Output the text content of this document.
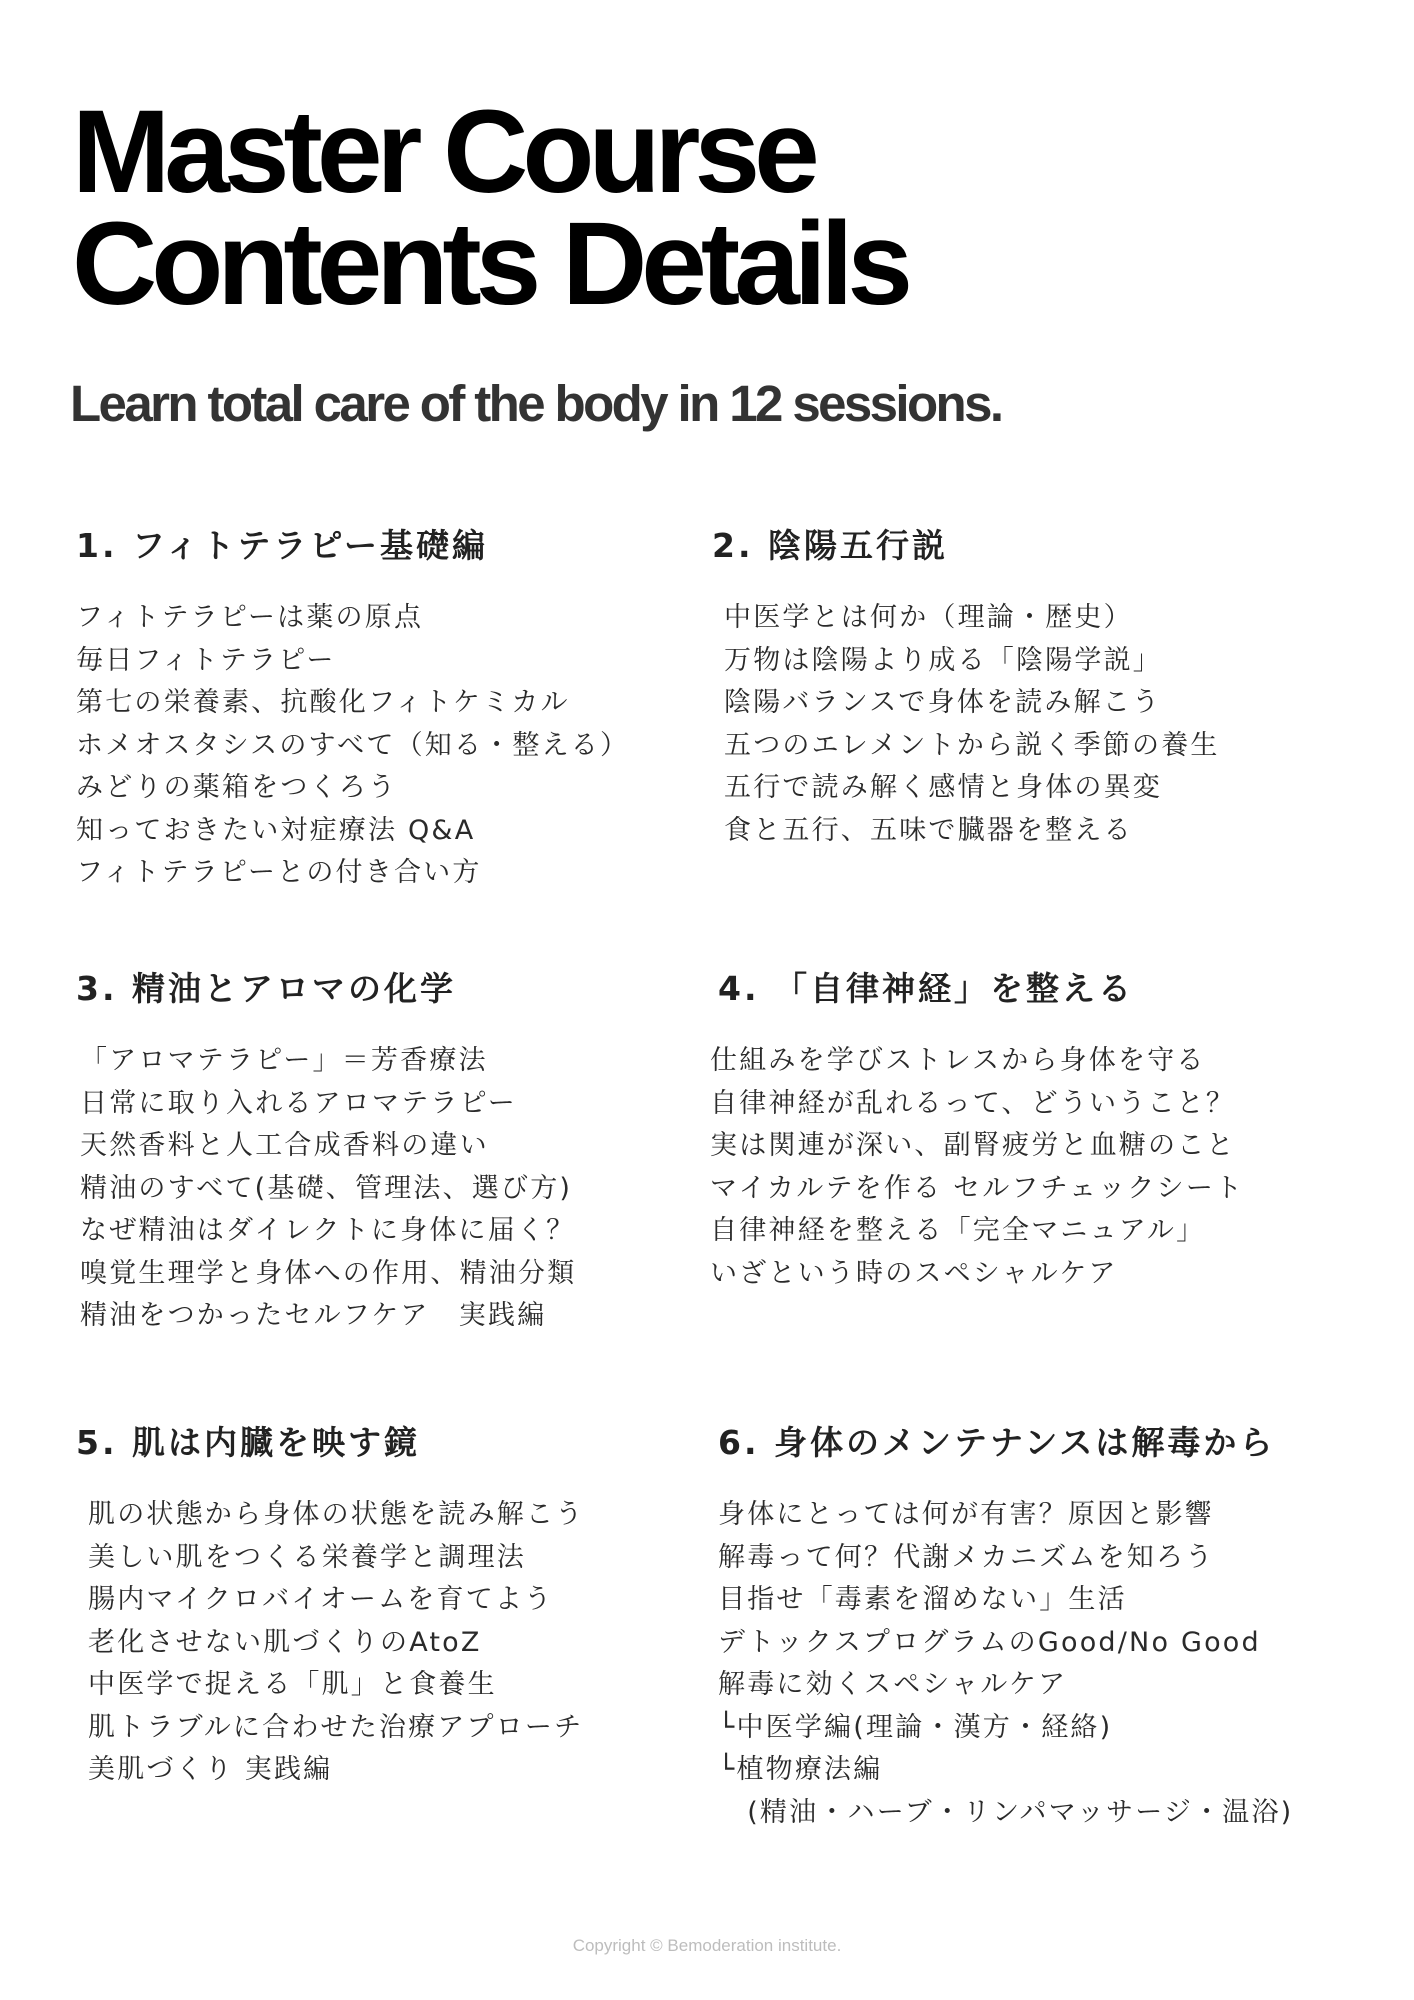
Master Course
Contents Details

Learn total care of the body in 12 sessions.

1. フィトテラピー基礎編
フィトテラピーは薬の原点
毎日フィトテラピー
第七の栄養素、抗酸化フィトケミカル
ホメオスタシスのすべて（知る・整える）
みどりの薬箱をつくろう
知っておきたい対症療法 Q&A
フィトテラピーとの付き合い方
2. 陰陽五行説
中医学とは何か（理論・歴史）
万物は陰陽より成る「陰陽学説」
陰陽バランスで身体を読み解こう
五つのエレメントから説く季節の養生
五行で読み解く感情と身体の異変
食と五行、五味で臓器を整える
3. 精油とアロマの化学
「アロマテラピー」＝芳香療法
日常に取り入れるアロマテラピー
天然香料と人工合成香料の違い
精油のすべて(基礎、管理法、選び方)
なぜ精油はダイレクトに身体に届く？
嗅覚生理学と身体への作用、精油分類
精油をつかったセルフケア　実践編
4. 「自律神経」を整える
仕組みを学びストレスから身体を守る
自律神経が乱れるって、どういうこと？
実は関連が深い、副腎疲労と血糖のこと
マイカルテを作る セルフチェックシート
自律神経を整える「完全マニュアル」
いざという時のスペシャルケア
5. 肌は内臓を映す鏡
肌の状態から身体の状態を読み解こう
美しい肌をつくる栄養学と調理法
腸内マイクロバイオームを育てよう
老化させない肌づくりのAtoZ
中医学で捉える「肌」と食養生
肌トラブルに合わせた治療アプローチ
美肌づくり 実践編
6. 身体のメンテナンスは解毒から
身体にとっては何が有害？原因と影響
解毒って何？代謝メカニズムを知ろう
目指せ「毒素を溜めない」生活
デトックスプログラムのGood/No Good
解毒に効くスペシャルケア
└中医学編(理論・漢方・経絡)
└植物療法編
　(精油・ハーブ・リンパマッサージ・温浴)
Copyright © Bemoderation institute.
